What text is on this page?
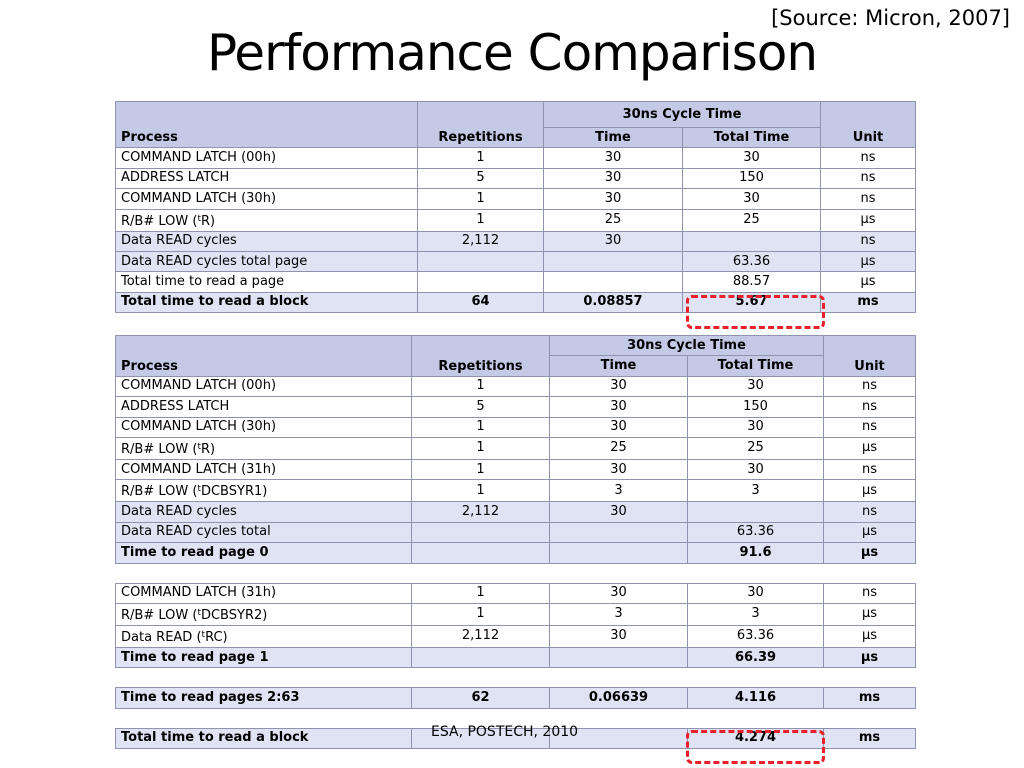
[Source: Micron, 2007]
Performance Comparison
Process	Repetitions	30ns Cycle Time		Unit
		Time	Total Time	
COMMAND LATCH (00h)	1	30	30	ns
ADDRESS LATCH	5	30	150	ns
COMMAND LATCH (30h)	1	30	30	ns
R/B# LOW ($^t$R)	1	25	25	µs
Data READ cycles	2,112	30		ns
Data READ cycles total page			63.36	µs
Total time to read a page			88.57	µs
Total time to read a block	64	0.08857	5.67	ms
Process	Repetitions	30ns Cycle Time		Unit
		Time	Total Time	
COMMAND LATCH (00h)	1	30	30	ns
ADDRESS LATCH	5	30	150	ns
COMMAND LATCH (30h)	1	30	30	ns
R/B# LOW ($^t$R)	1	25	25	µs
COMMAND LATCH (31h)	1	30	30	ns
R/B# LOW ($^t$DCBSYR1)	1	3	3	µs
Data READ cycles	2,112	30		ns
Data READ cycles total			63.36	µs
Time to read page 0			91.6	µs

COMMAND LATCH (31h)	1	30	30	ns
R/B# LOW ($^t$DCBSYR2)	1	3	3	µs
Data READ ($^t$RC)	2,112	30	63.36	µs
Time to read page 1			66.39	µs

Time to read pages 2:63	62	0.06639	4.116	ms

Total time to read a block			4.274	ms
ESA, POSTECH, 2010
